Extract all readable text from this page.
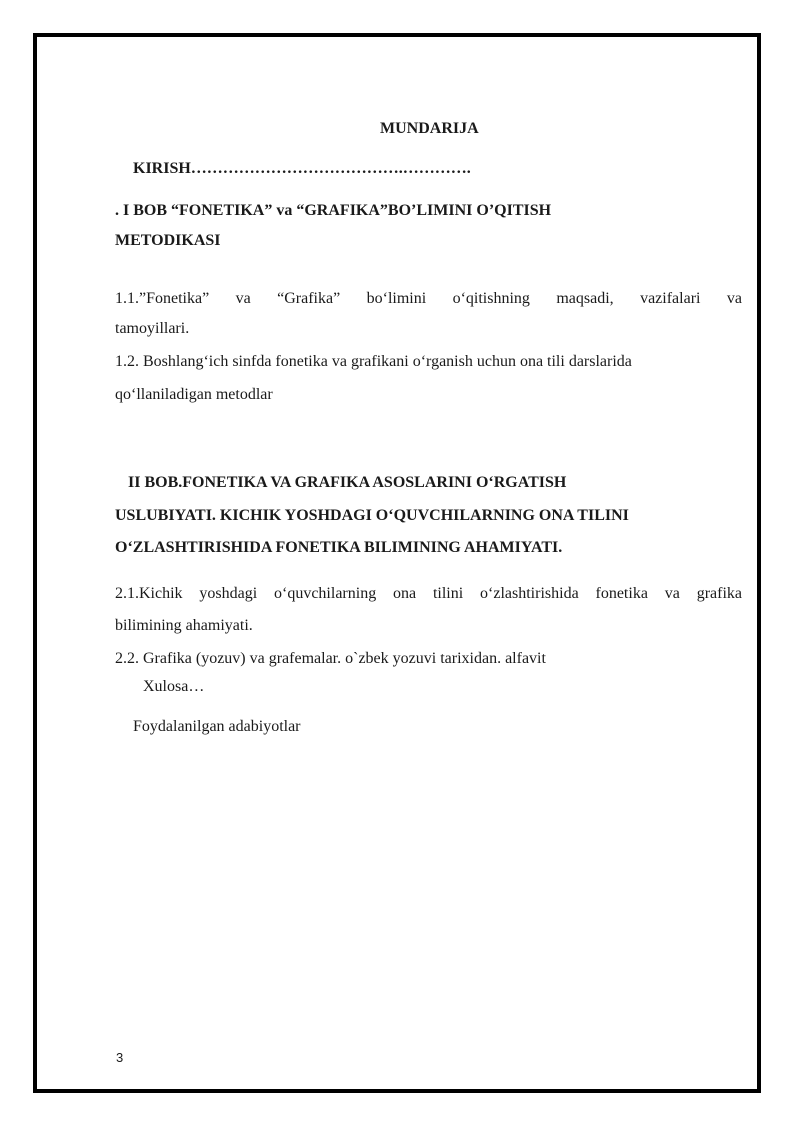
MUNDARIJA
KIRISH………………………………….………….
. I BOB “FONETIKA” va “GRAFIKA”BO’LIMINI O’QITISH
METODIKASI
1.1.”Fonetika” va “Grafika” bo‘limini o‘qitishning maqsadi, vazifalari va
tamoyillari.
1.2. Boshlang‘ich sinfda fonetika va grafikani o‘rganish uchun ona tili darslarida
qo‘llaniladigan metodlar
II BOB.FONETIKA VA GRAFIKA ASOSLARINI O‘RGATISH
USLUBIYATI. KICHIK YOSHDAGI O‘QUVCHILARNING ONA TILINI
O‘ZLASHTIRISHIDA FONETIKA BILIMINING AHAMIYATI.
2.1.Kichik yoshdagi o‘quvchilarning ona tilini o‘zlashtirishida fonetika va grafika
bilimining ahamiyati.
2.2. Grafika (yozuv) va grafemalar. o`zbek yozuvi tarixidan. alfavit
Xulosa…
Foydalanilgan adabiyotlar
3
